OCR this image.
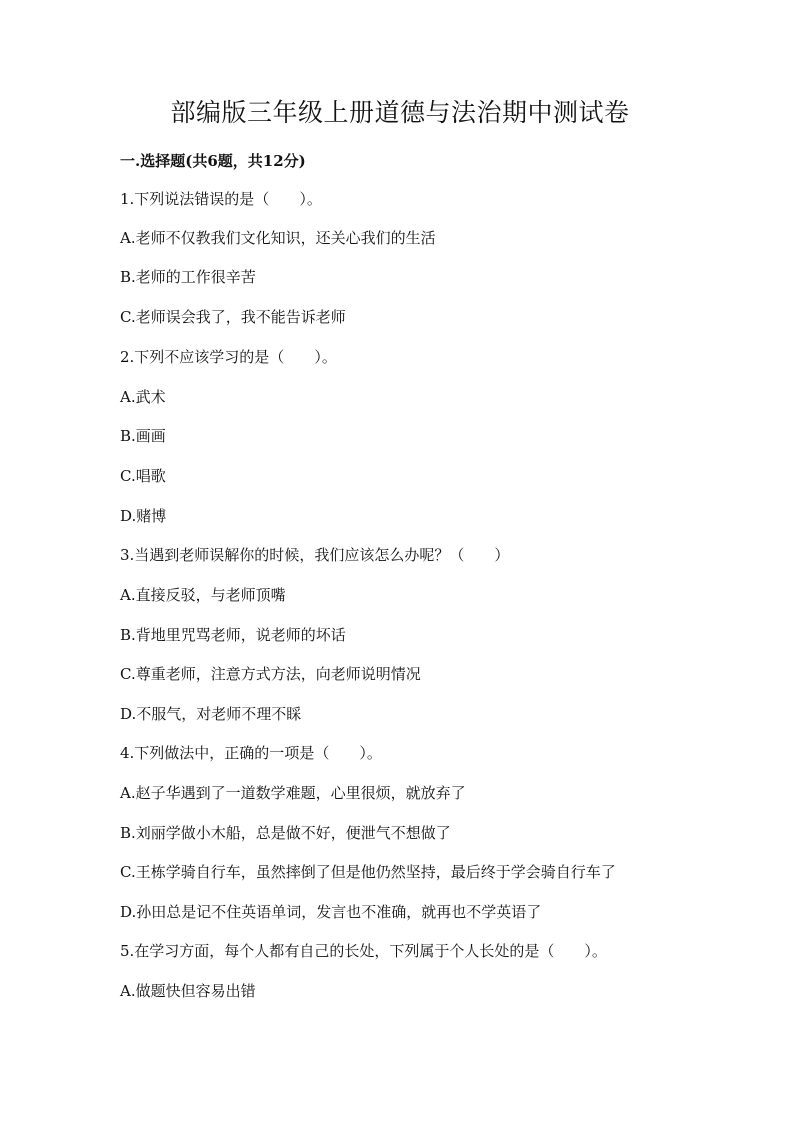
部编版三年级上册道德与法治期中测试卷
一.选择题(共6题，共12分)
1.下列说法错误的是（　　）。
A.老师不仅教我们文化知识，还关心我们的生活
B.老师的工作很辛苦
C.老师误会我了，我不能告诉老师
2.下列不应该学习的是（　　）。
A.武术
B.画画
C.唱歌
D.赌博
3.当遇到老师误解你的时候，我们应该怎么办呢？（　　）
A.直接反驳，与老师顶嘴
B.背地里咒骂老师，说老师的坏话
C.尊重老师，注意方式方法，向老师说明情况
D.不服气，对老师不理不睬
4.下列做法中，正确的一项是（　　）。
A.赵子华遇到了一道数学难题，心里很烦，就放弃了
B.刘丽学做小木船，总是做不好，便泄气不想做了
C.王栋学骑自行车，虽然摔倒了但是他仍然坚持，最后终于学会骑自行车了
D.孙田总是记不住英语单词，发言也不准确，就再也不学英语了
5.在学习方面，每个人都有自己的长处，下列属于个人长处的是（　　）。
A.做题快但容易出错
